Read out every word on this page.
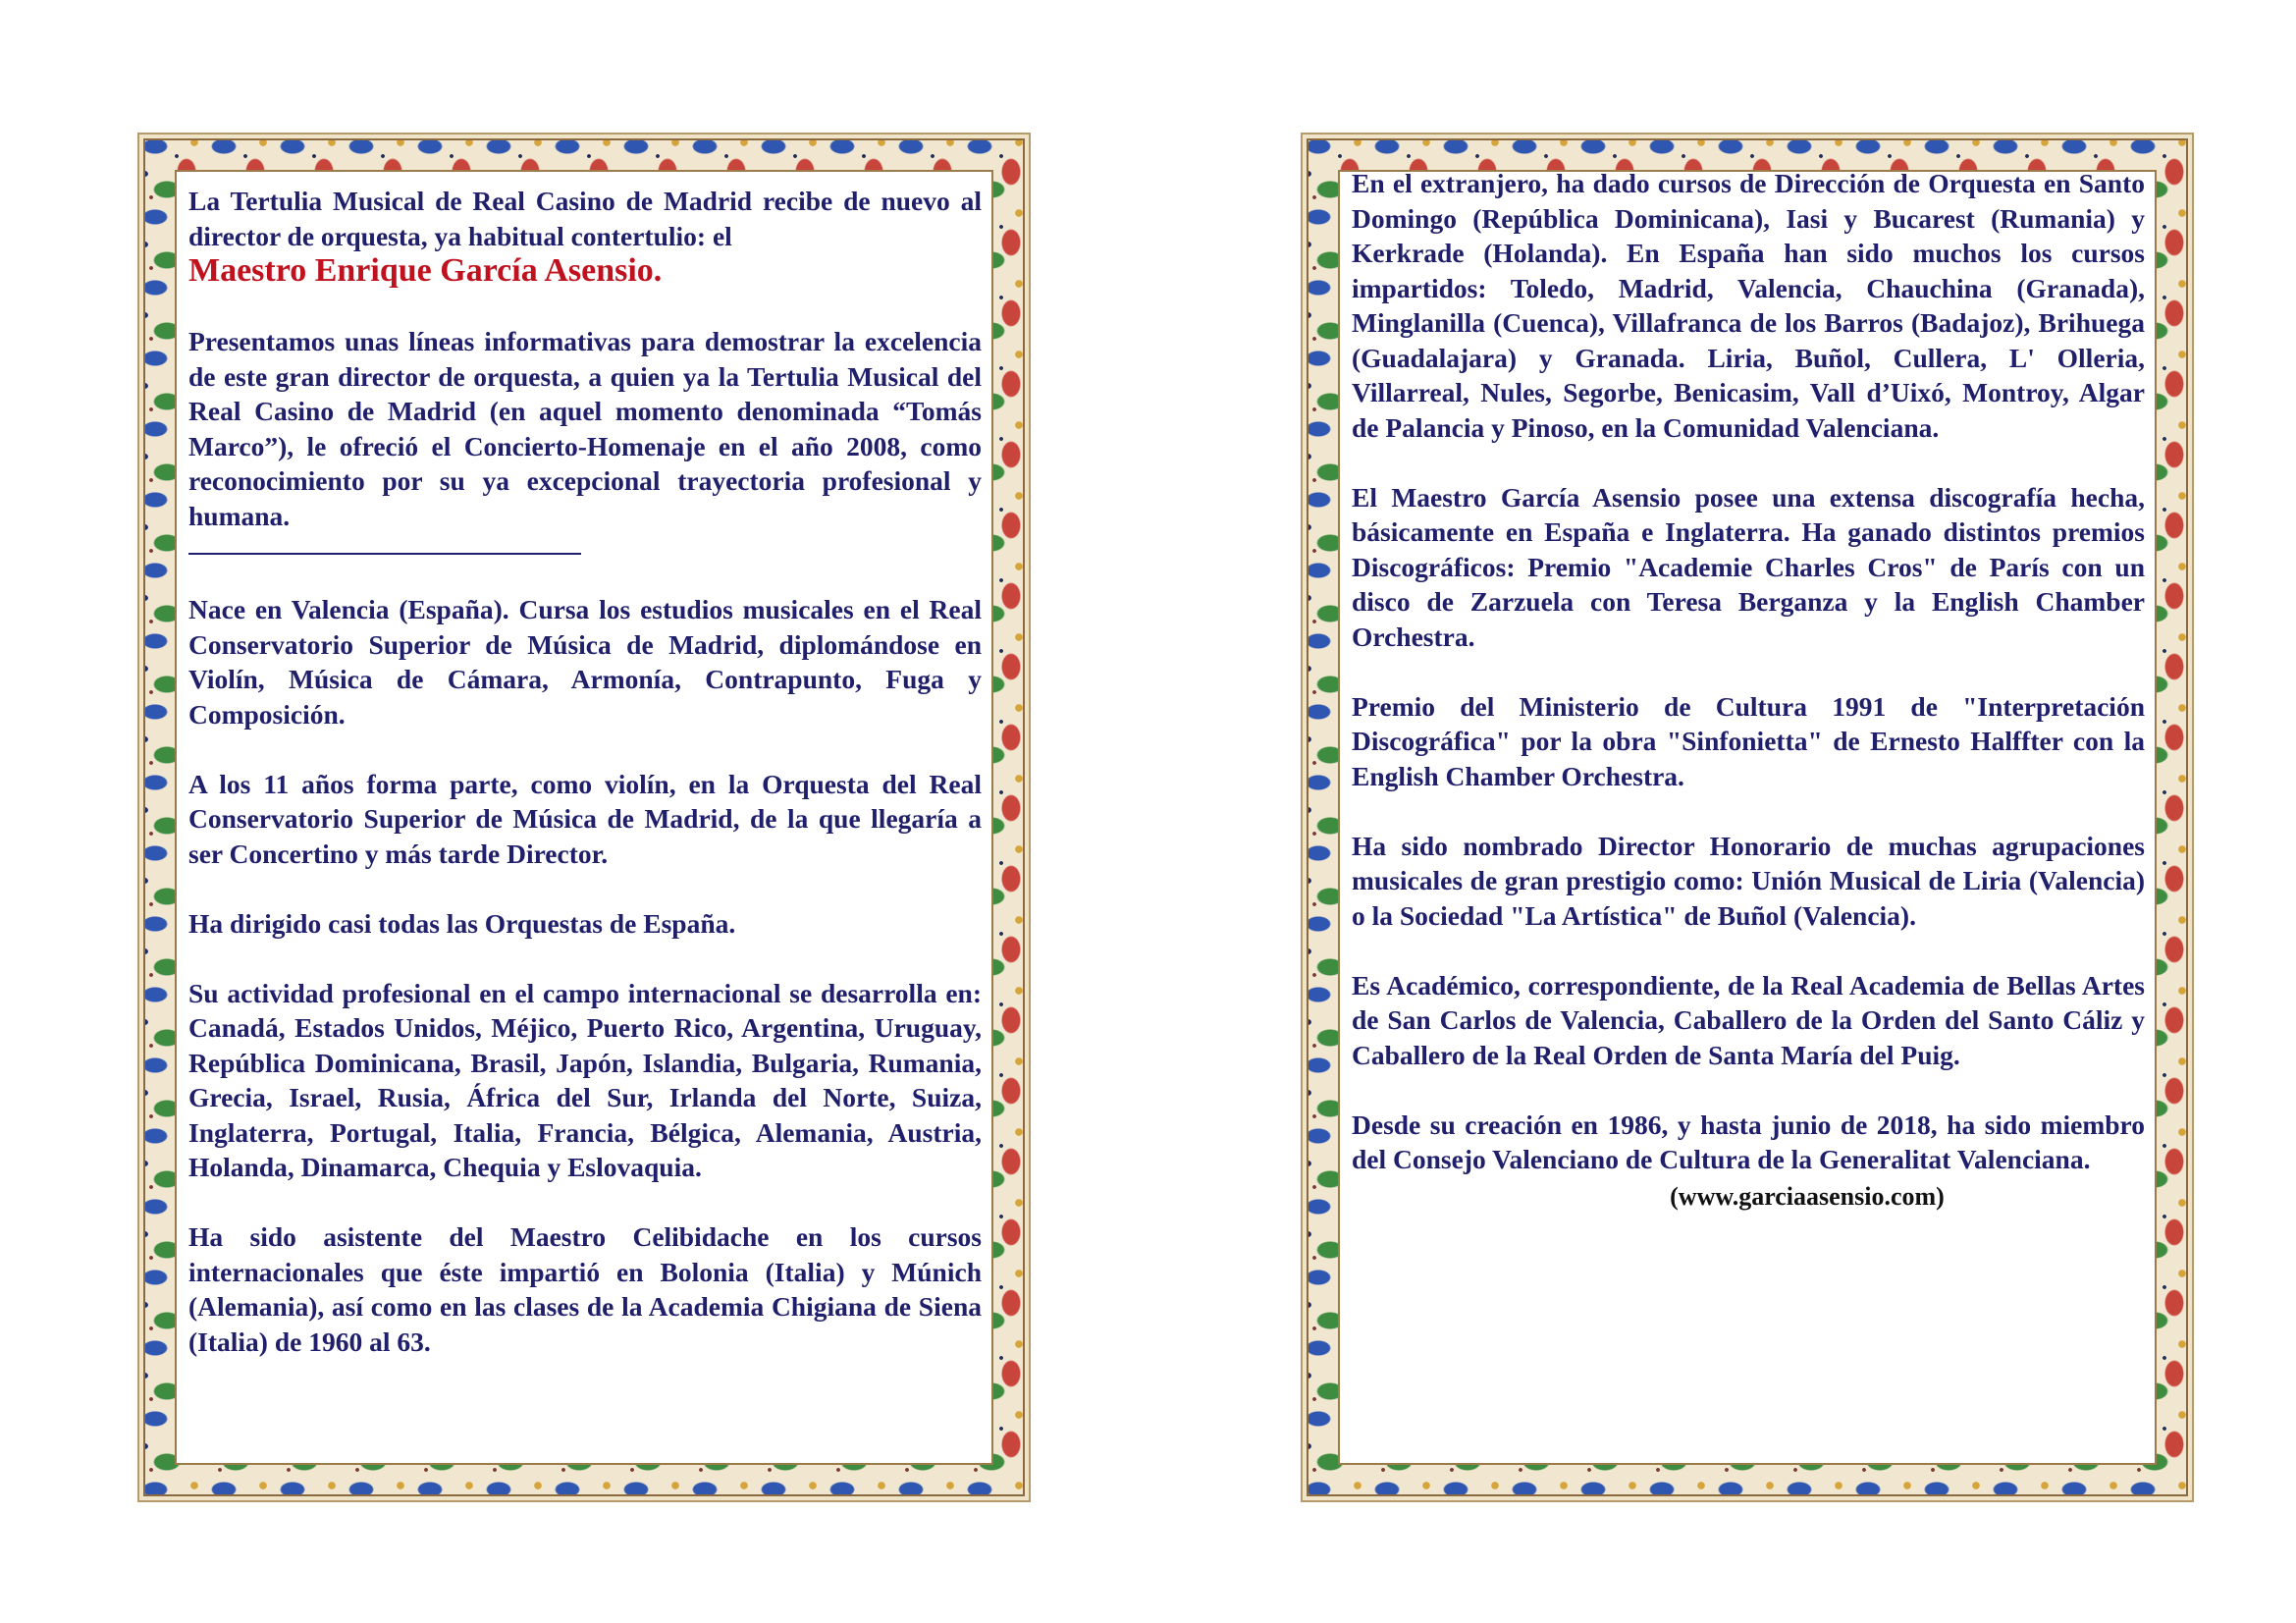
La Tertulia Musical de Real Casino de Madrid recibe de nuevo al director de orquesta, ya habitual contertulio: el
Maestro Enrique García Asensio.

Presentamos unas líneas informativas para demostrar la excelencia de este gran director de orquesta, a quien ya la Tertulia Musical del Real Casino de Madrid (en aquel momento denominada “Tomás Marco”), le ofreció el Concierto-Homenaje en el año 2008, como reconocimiento por su ya excepcional trayectoria profesional y humana.

Nace en Valencia (España). Cursa los estudios musicales en el Real Conservatorio Superior de Música de Madrid, diplomándose en Violín, Música de Cámara, Armonía, Contrapunto, Fuga y Composición.

A los 11 años forma parte, como violín, en la Orquesta del Real Conservatorio Superior de Música de Madrid, de la que llegaría a ser Concertino y más tarde Director.

Ha dirigido casi todas las Orquestas de España.

Su actividad profesional en el campo internacional se desarrolla en: Canadá, Estados Unidos, Méjico, Puerto Rico, Argentina, Uruguay, República Dominicana, Brasil, Japón, Islandia, Bulgaria, Rumania, Grecia, Israel, Rusia, África del Sur, Irlanda del Norte, Suiza, Inglaterra, Portugal, Italia, Francia, Bélgica, Alemania, Austria, Holanda, Dinamarca, Chequia y Eslovaquia.

Ha sido asistente del Maestro Celibidache en los cursos internacionales que éste impartió en Bolonia (Italia) y Múnich (Alemania), así como en las clases de la Academia Chigiana de Siena (Italia) de 1960 al 63.

En el extranjero, ha dado cursos de Dirección de Orquesta en Santo Domingo (República Dominicana), Iasi y Bucarest (Rumania) y Kerkrade (Holanda). En España han sido muchos los cursos impartidos: Toledo, Madrid, Valencia, Chauchina (Granada), Minglanilla (Cuenca), Villafranca de los Barros (Badajoz), Brihuega (Guadalajara) y Granada. Liria, Buñol, Cullera, L' Olleria, Villarreal, Nules, Segorbe, Benicasim, Vall d’Uixó, Montroy, Algar de Palancia y Pinoso, en la Comunidad Valenciana.

El Maestro García Asensio posee una extensa discografía hecha, básicamente en España e Inglaterra. Ha ganado distintos premios Discográficos: Premio "Academie Charles Cros" de París con un disco de Zarzuela con Teresa Berganza y la English Chamber Orchestra.

Premio del Ministerio de Cultura 1991 de "Interpretación Discográfica" por la obra "Sinfonietta" de Ernesto Halffter con la English Chamber Orchestra.

Ha sido nombrado Director Honorario de muchas agrupaciones musicales de gran prestigio como: Unión Musical de Liria (Valencia) o la Sociedad "La Artística" de Buñol (Valencia).

Es Académico, correspondiente, de la Real Academia de Bellas Artes de San Carlos de Valencia, Caballero de la Orden del Santo Cáliz y Caballero de la Real Orden de Santa María del Puig.

Desde su creación en 1986, y hasta junio de 2018, ha sido miembro del Consejo Valenciano de Cultura de la Generalitat Valenciana.

(www.garciaasensio.com)
